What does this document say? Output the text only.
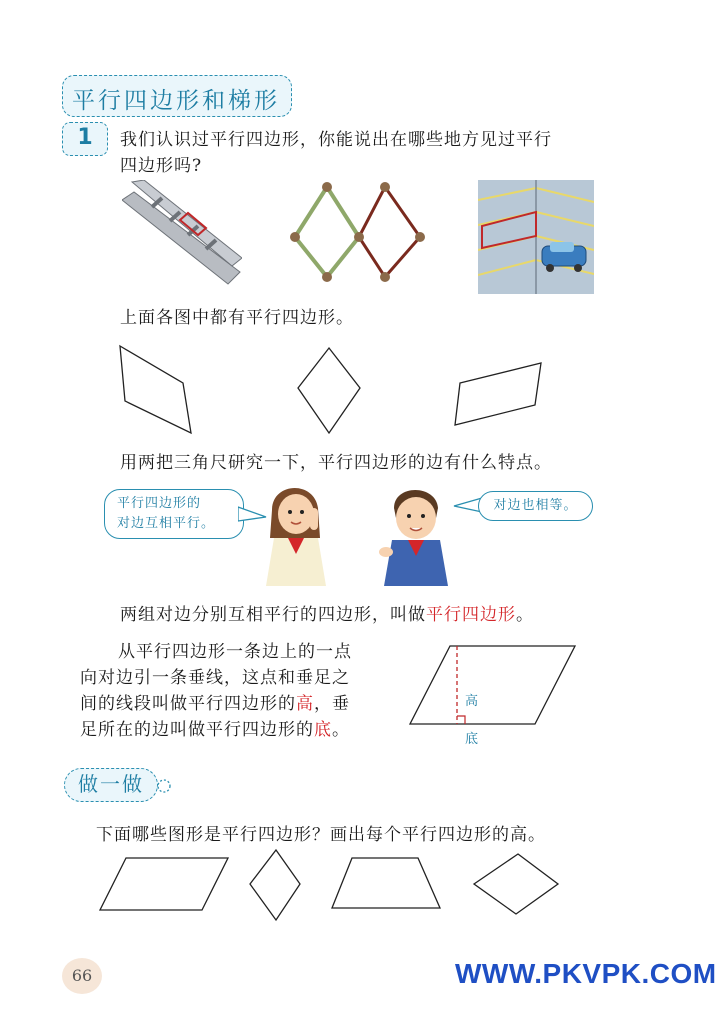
平行四边形和梯形
1	我们认识过平行四边形，你能说出在哪些地方见过平行
四边形吗?
上面各图中都有平行四边形。
用两把三角尺研究一下，平行四边形的边有什么特点。
平行四边形的
对边互相平行。
对边也相等。
两组对边分别互相平行的四边形，叫做平行四边形。
从平行四边形一条边上的一点
向对边引一条垂线，这点和垂足之
间的线段叫做平行四边形的高，垂
足所在的边叫做平行四边形的底。
高
底
做一做
下面哪些图形是平行四边形？画出每个平行四边形的高。
66	WWW.PKVPK.COM
